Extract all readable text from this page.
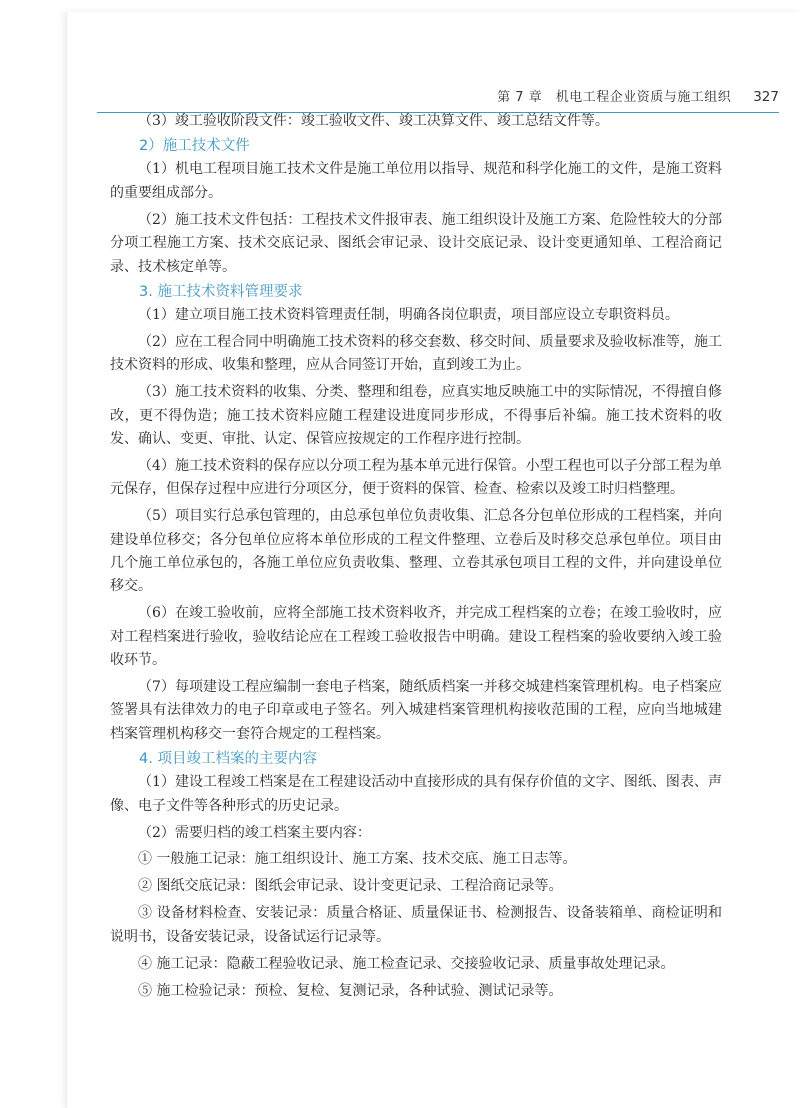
第 7 章　机电工程企业资质与施工组织 327

（3）竣工验收阶段文件：竣工验收文件、竣工决算文件、竣工总结文件等。

2）施工技术文件

（1）机电工程项目施工技术文件是施工单位用以指导、规范和科学化施工的文件，是施工资料的重要组成部分。

（2）施工技术文件包括：工程技术文件报审表、施工组织设计及施工方案、危险性较大的分部分项工程施工方案、技术交底记录、图纸会审记录、设计交底记录、设计变更通知单、工程洽商记录、技术核定单等。

3. 施工技术资料管理要求

（1）建立项目施工技术资料管理责任制，明确各岗位职责，项目部应设立专职资料员。

（2）应在工程合同中明确施工技术资料的移交套数、移交时间、质量要求及验收标准等，施工技术资料的形成、收集和整理，应从合同签订开始，直到竣工为止。

（3）施工技术资料的收集、分类、整理和组卷，应真实地反映施工中的实际情况，不得擅自修改，更不得伪造；施工技术资料应随工程建设进度同步形成，不得事后补编。施工技术资料的收发、确认、变更、审批、认定、保管应按规定的工作程序进行控制。

（4）施工技术资料的保存应以分项工程为基本单元进行保管。小型工程也可以子分部工程为单元保存，但保存过程中应进行分项区分，便于资料的保管、检查、检索以及竣工时归档整理。

（5）项目实行总承包管理的，由总承包单位负责收集、汇总各分包单位形成的工程档案，并向建设单位移交；各分包单位应将本单位形成的工程文件整理、立卷后及时移交总承包单位。项目由几个施工单位承包的，各施工单位应负责收集、整理、立卷其承包项目工程的文件，并向建设单位移交。

（6）在竣工验收前，应将全部施工技术资料收齐，并完成工程档案的立卷；在竣工验收时，应对工程档案进行验收，验收结论应在工程竣工验收报告中明确。建设工程档案的验收要纳入竣工验收环节。

（7）每项建设工程应编制一套电子档案，随纸质档案一并移交城建档案管理机构。电子档案应签署具有法律效力的电子印章或电子签名。列入城建档案管理机构接收范围的工程，应向当地城建档案管理机构移交一套符合规定的工程档案。

4. 项目竣工档案的主要内容

（1）建设工程竣工档案是在工程建设活动中直接形成的具有保存价值的文字、图纸、图表、声像、电子文件等各种形式的历史记录。

（2）需要归档的竣工档案主要内容：

① 一般施工记录：施工组织设计、施工方案、技术交底、施工日志等。

② 图纸交底记录：图纸会审记录、设计变更记录、工程洽商记录等。

③ 设备材料检查、安装记录：质量合格证、质量保证书、检测报告、设备装箱单、商检证明和说明书，设备安装记录，设备试运行记录等。

④ 施工记录：隐蔽工程验收记录、施工检查记录、交接验收记录、质量事故处理记录。

⑤ 施工检验记录：预检、复检、复测记录，各种试验、测试记录等。
